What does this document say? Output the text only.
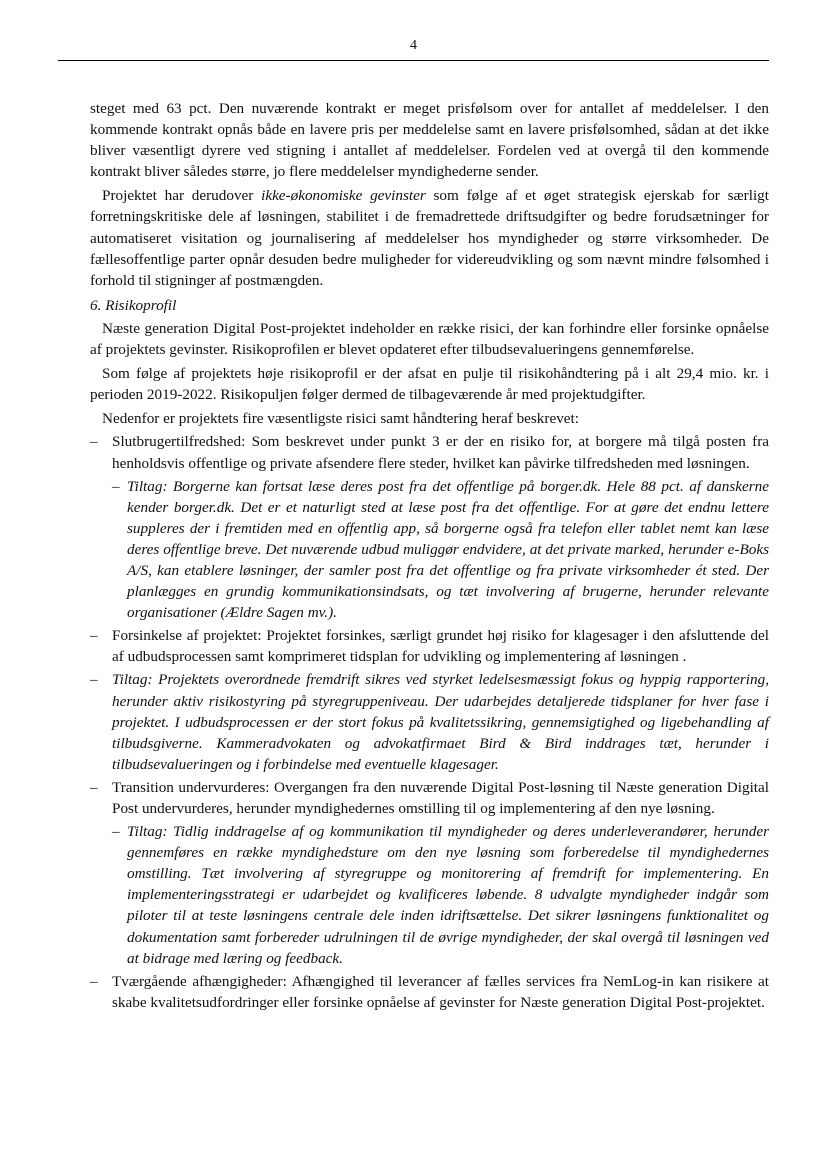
4

steget med 63 pct. Den nuværende kontrakt er meget prisfølsom over for antallet af meddelelser. I den kommende kontrakt opnås både en lavere pris per meddelelse samt en lavere prisfølsomhed, sådan at det ikke bliver væsentligt dyrere ved stigning i antallet af meddelelser. Fordelen ved at overgå til den kommende kontrakt bliver således større, jo flere meddelelser myndighederne sender.

Projektet har derudover ikke-økonomiske gevinster som følge af et øget strategisk ejerskab for særligt forretningskritiske dele af løsningen, stabilitet i de fremadrettede driftsudgifter og bedre forudsætninger for automatiseret visitation og journalisering af meddelelser hos myndigheder og større virksomheder. De fællesoffentlige parter opnår desuden bedre muligheder for videreudvikling og som nævnt mindre følsomhed i forhold til stigninger af postmængden.

6. Risikoprofil

Næste generation Digital Post-projektet indeholder en række risici, der kan forhindre eller forsinke opnåelse af projektets gevinster. Risikoprofilen er blevet opdateret efter tilbudsevalueringens gennemførelse.

Som følge af projektets høje risikoprofil er der afsat en pulje til risikohåndtering på i alt 29,4 mio. kr. i perioden 2019-2022. Risikopuljen følger dermed de tilbageværende år med projektudgifter.

Nedenfor er projektets fire væsentligste risici samt håndtering heraf beskrevet:

– Slutbrugertilfredshed: Som beskrevet under punkt 3 er der en risiko for, at borgere må tilgå posten fra henholdsvis offentlige og private afsendere flere steder, hvilket kan påvirke tilfredsheden med løsningen.
– Tiltag: Borgerne kan fortsat læse deres post fra det offentlige på borger.dk. Hele 88 pct. af danskerne kender borger.dk. Det er et naturligt sted at læse post fra det offentlige. For at gøre det endnu lettere suppleres der i fremtiden med en offentlig app, så borgerne også fra telefon eller tablet nemt kan læse deres offentlige breve. Det nuværende udbud muliggør endvidere, at det private marked, herunder e-Boks A/S, kan etablere løsninger, der samler post fra det offentlige og fra private virksomheder ét sted. Der planlægges en grundig kommunikationsindsats, og tæt involvering af brugerne, herunder relevante organisationer (Ældre Sagen mv.).
– Forsinkelse af projektet: Projektet forsinkes, særligt grundet høj risiko for klagesager i den afsluttende del af udbudsprocessen samt komprimeret tidsplan for udvikling og implementering af løsningen .
– Tiltag: Projektets overordnede fremdrift sikres ved styrket ledelsesmæssigt fokus og hyppig rapportering, herunder aktiv risikostyring på styregruppeniveau. Der udarbejdes detaljerede tidsplaner for hver fase i projektet. I udbudsprocessen er der stort fokus på kvalitetssikring, gennemsigtighed og ligebehandling af tilbudsgiverne. Kammeradvokaten og advokatfirmaet Bird & Bird inddrages tæt, herunder i tilbudsevalueringen og i forbindelse med eventuelle klagesager.
– Transition undervurderes: Overgangen fra den nuværende Digital Post-løsning til Næste generation Digital Post undervurderes, herunder myndighedernes omstilling til og implementering af den nye løsning.
– Tiltag: Tidlig inddragelse af og kommunikation til myndigheder og deres underleverandører, herunder gennemføres en række myndighedsture om den nye løsning som forberedelse til myndighedernes omstilling. Tæt involvering af styregruppe og monitorering af fremdrift for implementering. En implementeringsstrategi er udarbejdet og kvalificeres løbende. 8 udvalgte myndigheder indgår som piloter til at teste løsningens centrale dele inden idriftsættelse. Det sikrer løsningens funktionalitet og dokumentation samt forbereder udrulningen til de øvrige myndigheder, der skal overgå til løsningen ved at bidrage med læring og feedback.
– Tværgående afhængigheder: Afhængighed til leverancer af fælles services fra NemLog-in kan risikere at skabe kvalitetsudfordringer eller forsinke opnåelse af gevinster for Næste generation Digital Post-projektet.
